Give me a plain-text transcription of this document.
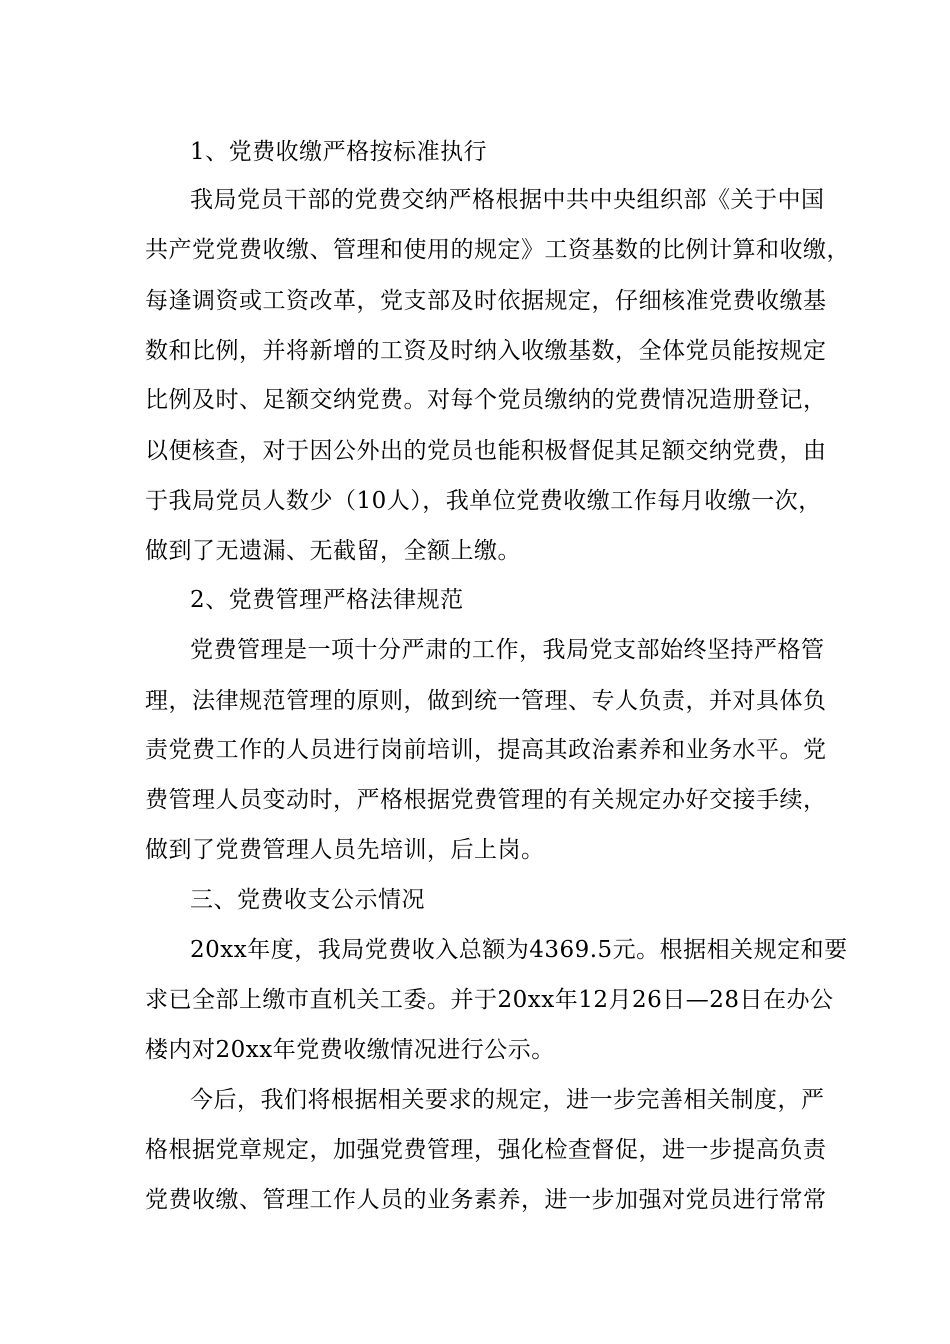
1、党费收缴严格按标准执行
我局党员干部的党费交纳严格根据中共中央组织部《关于中国
共产党党费收缴、管理和使用的规定》工资基数的比例计算和收缴，
每逢调资或工资改革，党支部及时依据规定，仔细核准党费收缴基
数和比例，并将新增的工资及时纳入收缴基数，全体党员能按规定
比例及时、足额交纳党费。对每个党员缴纳的党费情况造册登记，
以便核查，对于因公外出的党员也能积极督促其足额交纳党费，由
于我局党员人数少（10人），我单位党费收缴工作每月收缴一次，
做到了无遗漏、无截留，全额上缴。
2、党费管理严格法律规范
党费管理是一项十分严肃的工作，我局党支部始终坚持严格管
理，法律规范管理的原则，做到统一管理、专人负责，并对具体负
责党费工作的人员进行岗前培训，提高其政治素养和业务水平。党
费管理人员变动时，严格根据党费管理的有关规定办好交接手续，
做到了党费管理人员先培训，后上岗。
三、党费收支公示情况
20xx年度，我局党费收入总额为4369.5元。根据相关规定和要
求已全部上缴市直机关工委。并于20xx年12月26日—28日在办公
楼内对20xx年党费收缴情况进行公示。
今后，我们将根据相关要求的规定，进一步完善相关制度，严
格根据党章规定，加强党费管理，强化检查督促，进一步提高负责
党费收缴、管理工作人员的业务素养，进一步加强对党员进行常常
